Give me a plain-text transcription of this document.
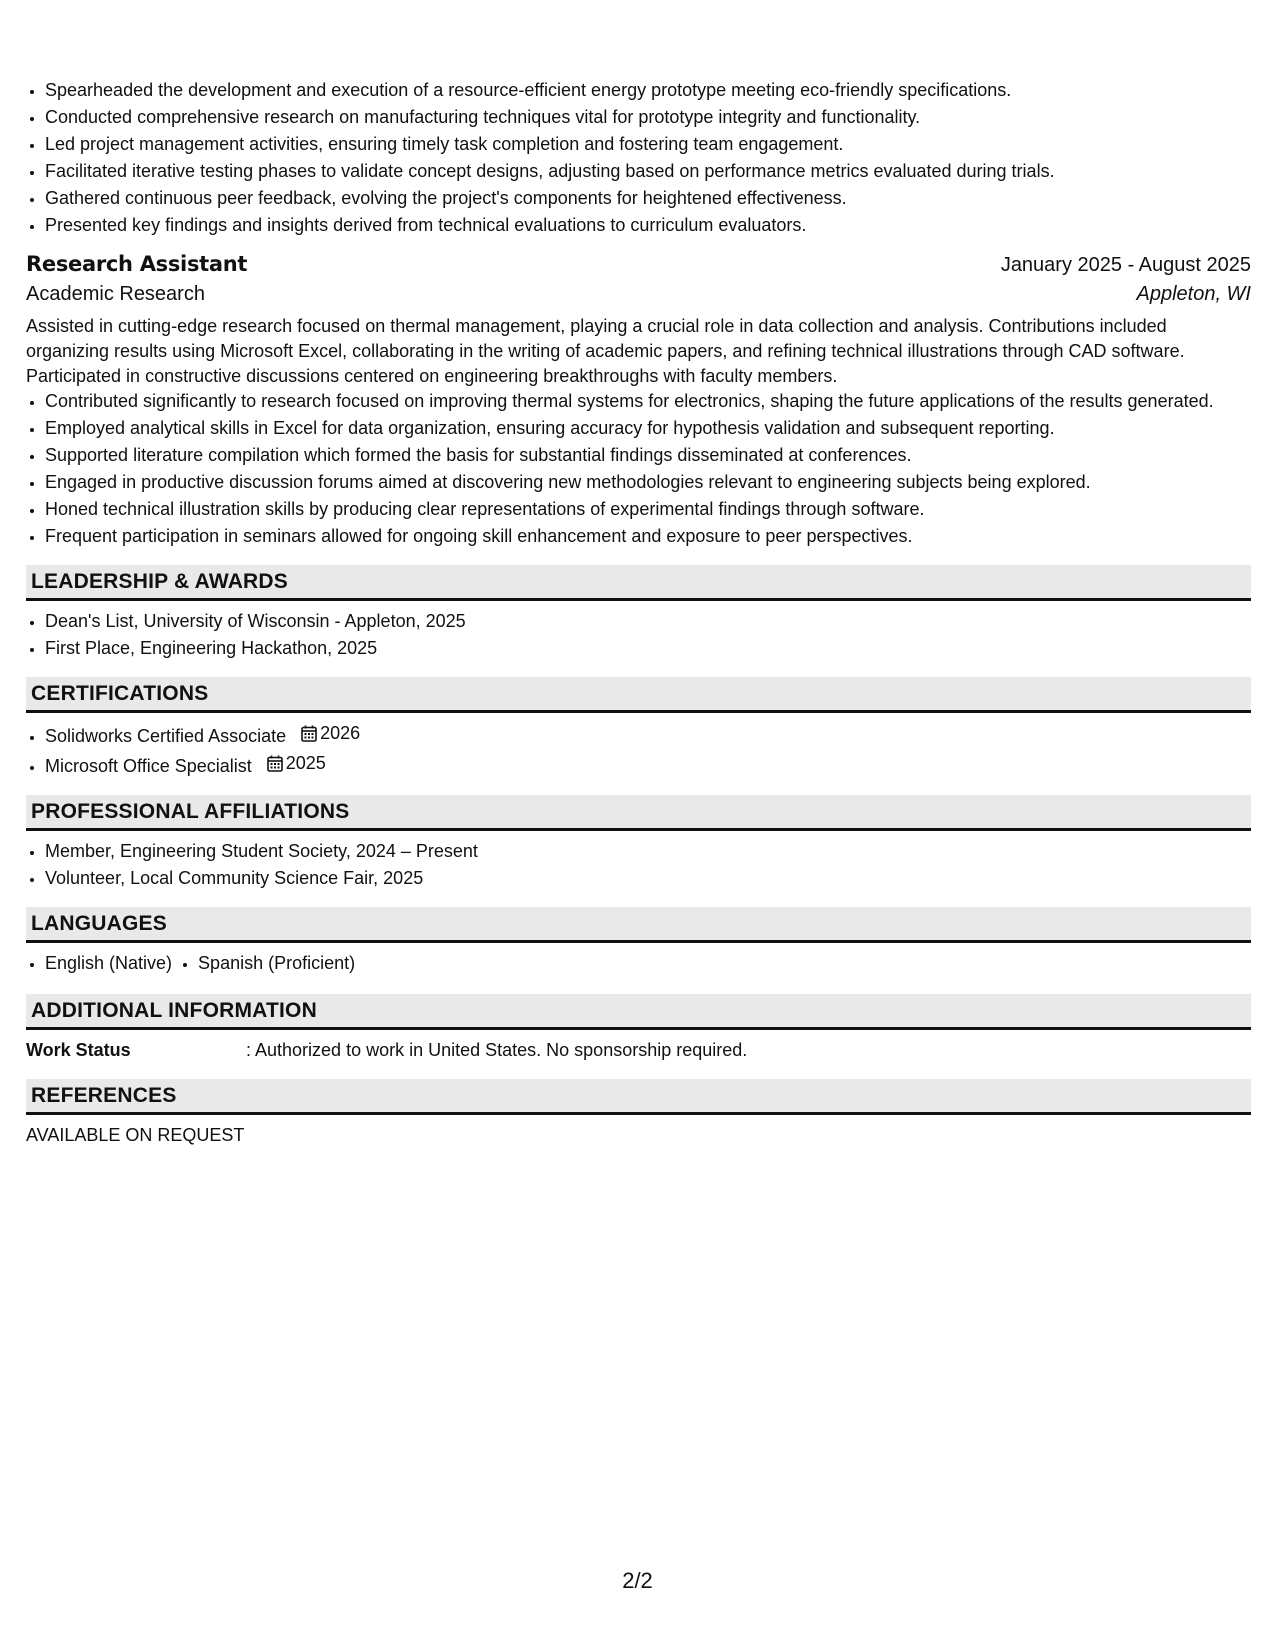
• Spearheaded the development and execution of a resource-efficient energy prototype meeting eco-friendly specifications.
• Conducted comprehensive research on manufacturing techniques vital for prototype integrity and functionality.
• Led project management activities, ensuring timely task completion and fostering team engagement.
• Facilitated iterative testing phases to validate concept designs, adjusting based on performance metrics evaluated during trials.
• Gathered continuous peer feedback, evolving the project's components for heightened effectiveness.
• Presented key findings and insights derived from technical evaluations to curriculum evaluators.
Research Assistant	January 2025 - August 2025
Academic Research	Appleton, WI

Assisted in cutting-edge research focused on thermal management, playing a crucial role in data collection and analysis. Contributions included organizing results using Microsoft Excel, collaborating in the writing of academic papers, and refining technical illustrations through CAD software. Participated in constructive discussions centered on engineering breakthroughs with faculty members.

• Contributed significantly to research focused on improving thermal systems for electronics, shaping the future applications of the results generated.
• Employed analytical skills in Excel for data organization, ensuring accuracy for hypothesis validation and subsequent reporting.
• Supported literature compilation which formed the basis for substantial findings disseminated at conferences.
• Engaged in productive discussion forums aimed at discovering new methodologies relevant to engineering subjects being explored.
• Honed technical illustration skills by producing clear representations of experimental findings through software.
• Frequent participation in seminars allowed for ongoing skill enhancement and exposure to peer perspectives.
LEADERSHIP & AWARDS
• Dean's List, University of Wisconsin - Appleton, 2025
• First Place, Engineering Hackathon, 2025
CERTIFICATIONS
• Solidworks Certified Associate 2026
• Microsoft Office Specialist 2025
PROFESSIONAL AFFILIATIONS
• Member, Engineering Student Society, 2024 – Present
• Volunteer, Local Community Science Fair, 2025
LANGUAGES
• English (Native)
• Spanish (Proficient)
ADDITIONAL INFORMATION
Work Status	: Authorized to work in United States. No sponsorship required.
REFERENCES
AVAILABLE ON REQUEST
2/2
